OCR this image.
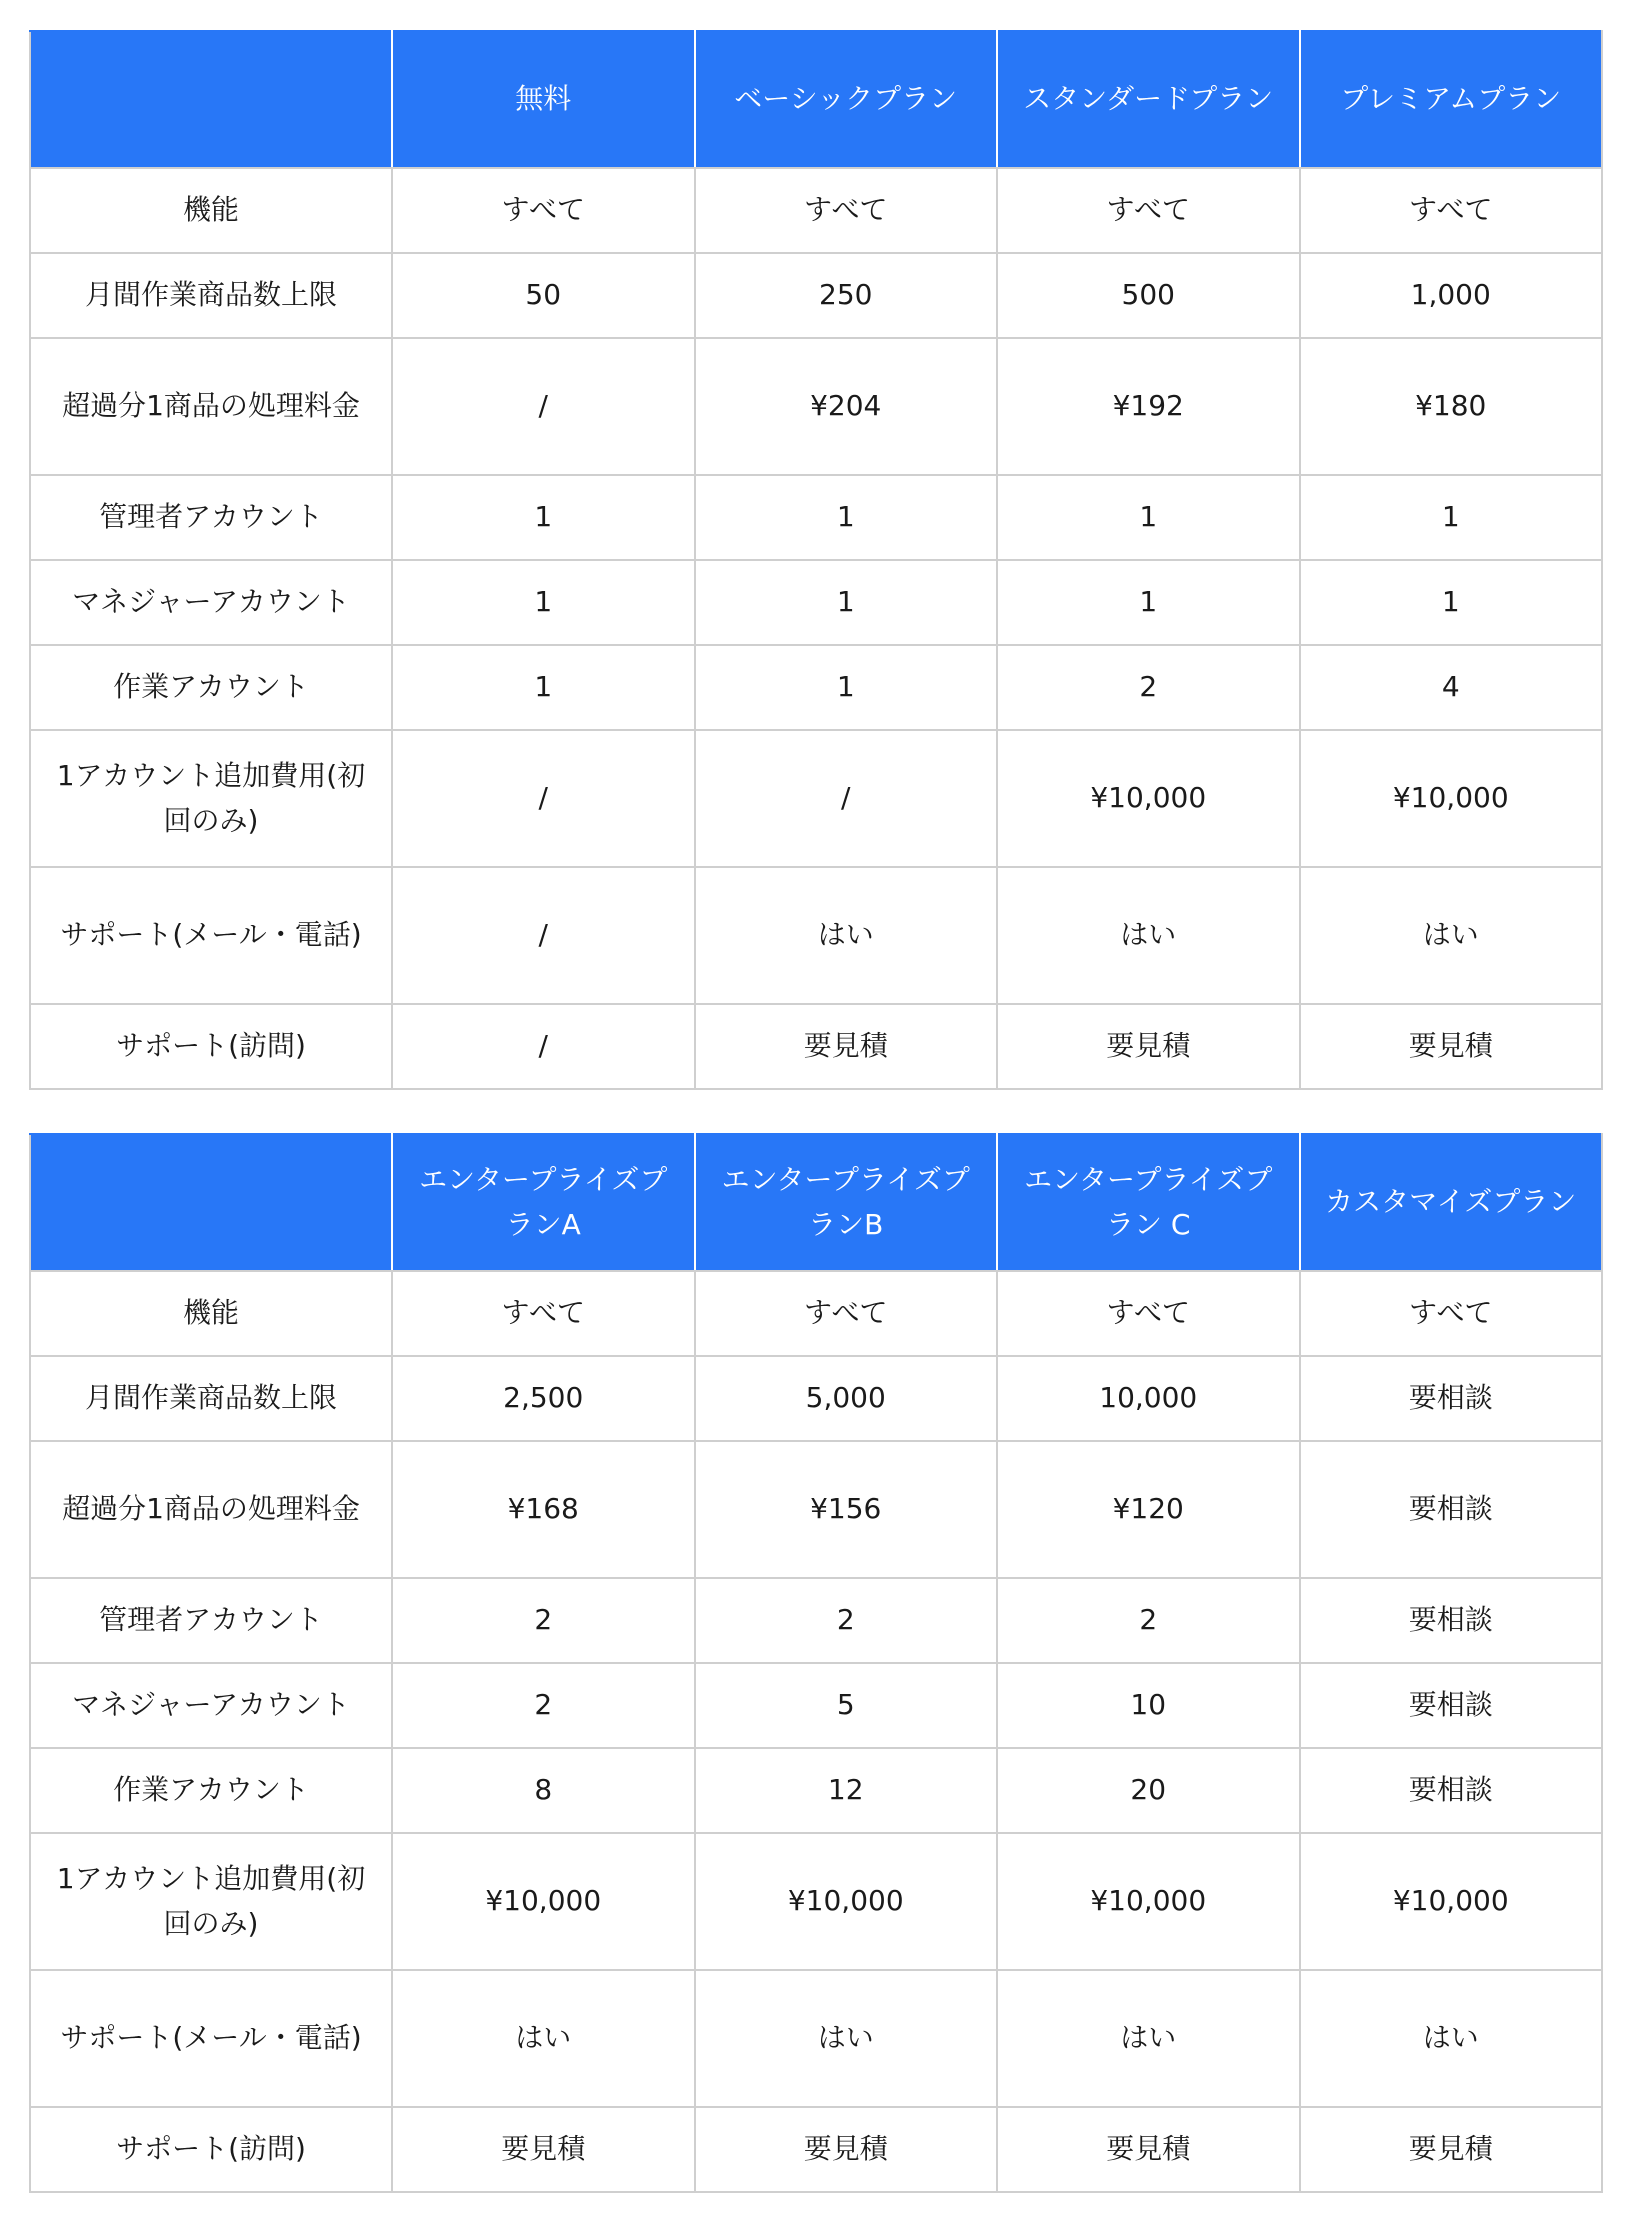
	無料	ベーシックプラン	スタンダードプラン	プレミアムプラン
機能	すべて	すべて	すべて	すべて
月間作業商品数上限	50	250	500	1,000
超過分1商品の処理料金	/	¥204	¥192	¥180
管理者アカウント	1	1	1	1
マネジャーアカウント	1	1	1	1
作業アカウント	1	1	2	4
1アカウント追加費用(初回のみ)	/	/	¥10,000	¥10,000
サポート(メール・電話)	/	はい	はい	はい
サポート(訪問)	/	要見積	要見積	要見積
	エンタープライズプランA	エンタープライズプランB	エンタープライズプラン C	カスタマイズプラン
機能	すべて	すべて	すべて	すべて
月間作業商品数上限	2,500	5,000	10,000	要相談
超過分1商品の処理料金	¥168	¥156	¥120	要相談
管理者アカウント	2	2	2	要相談
マネジャーアカウント	2	5	10	要相談
作業アカウント	8	12	20	要相談
1アカウント追加費用(初回のみ)	¥10,000	¥10,000	¥10,000	¥10,000
サポート(メール・電話)	はい	はい	はい	はい
サポート(訪問)	要見積	要見積	要見積	要見積
